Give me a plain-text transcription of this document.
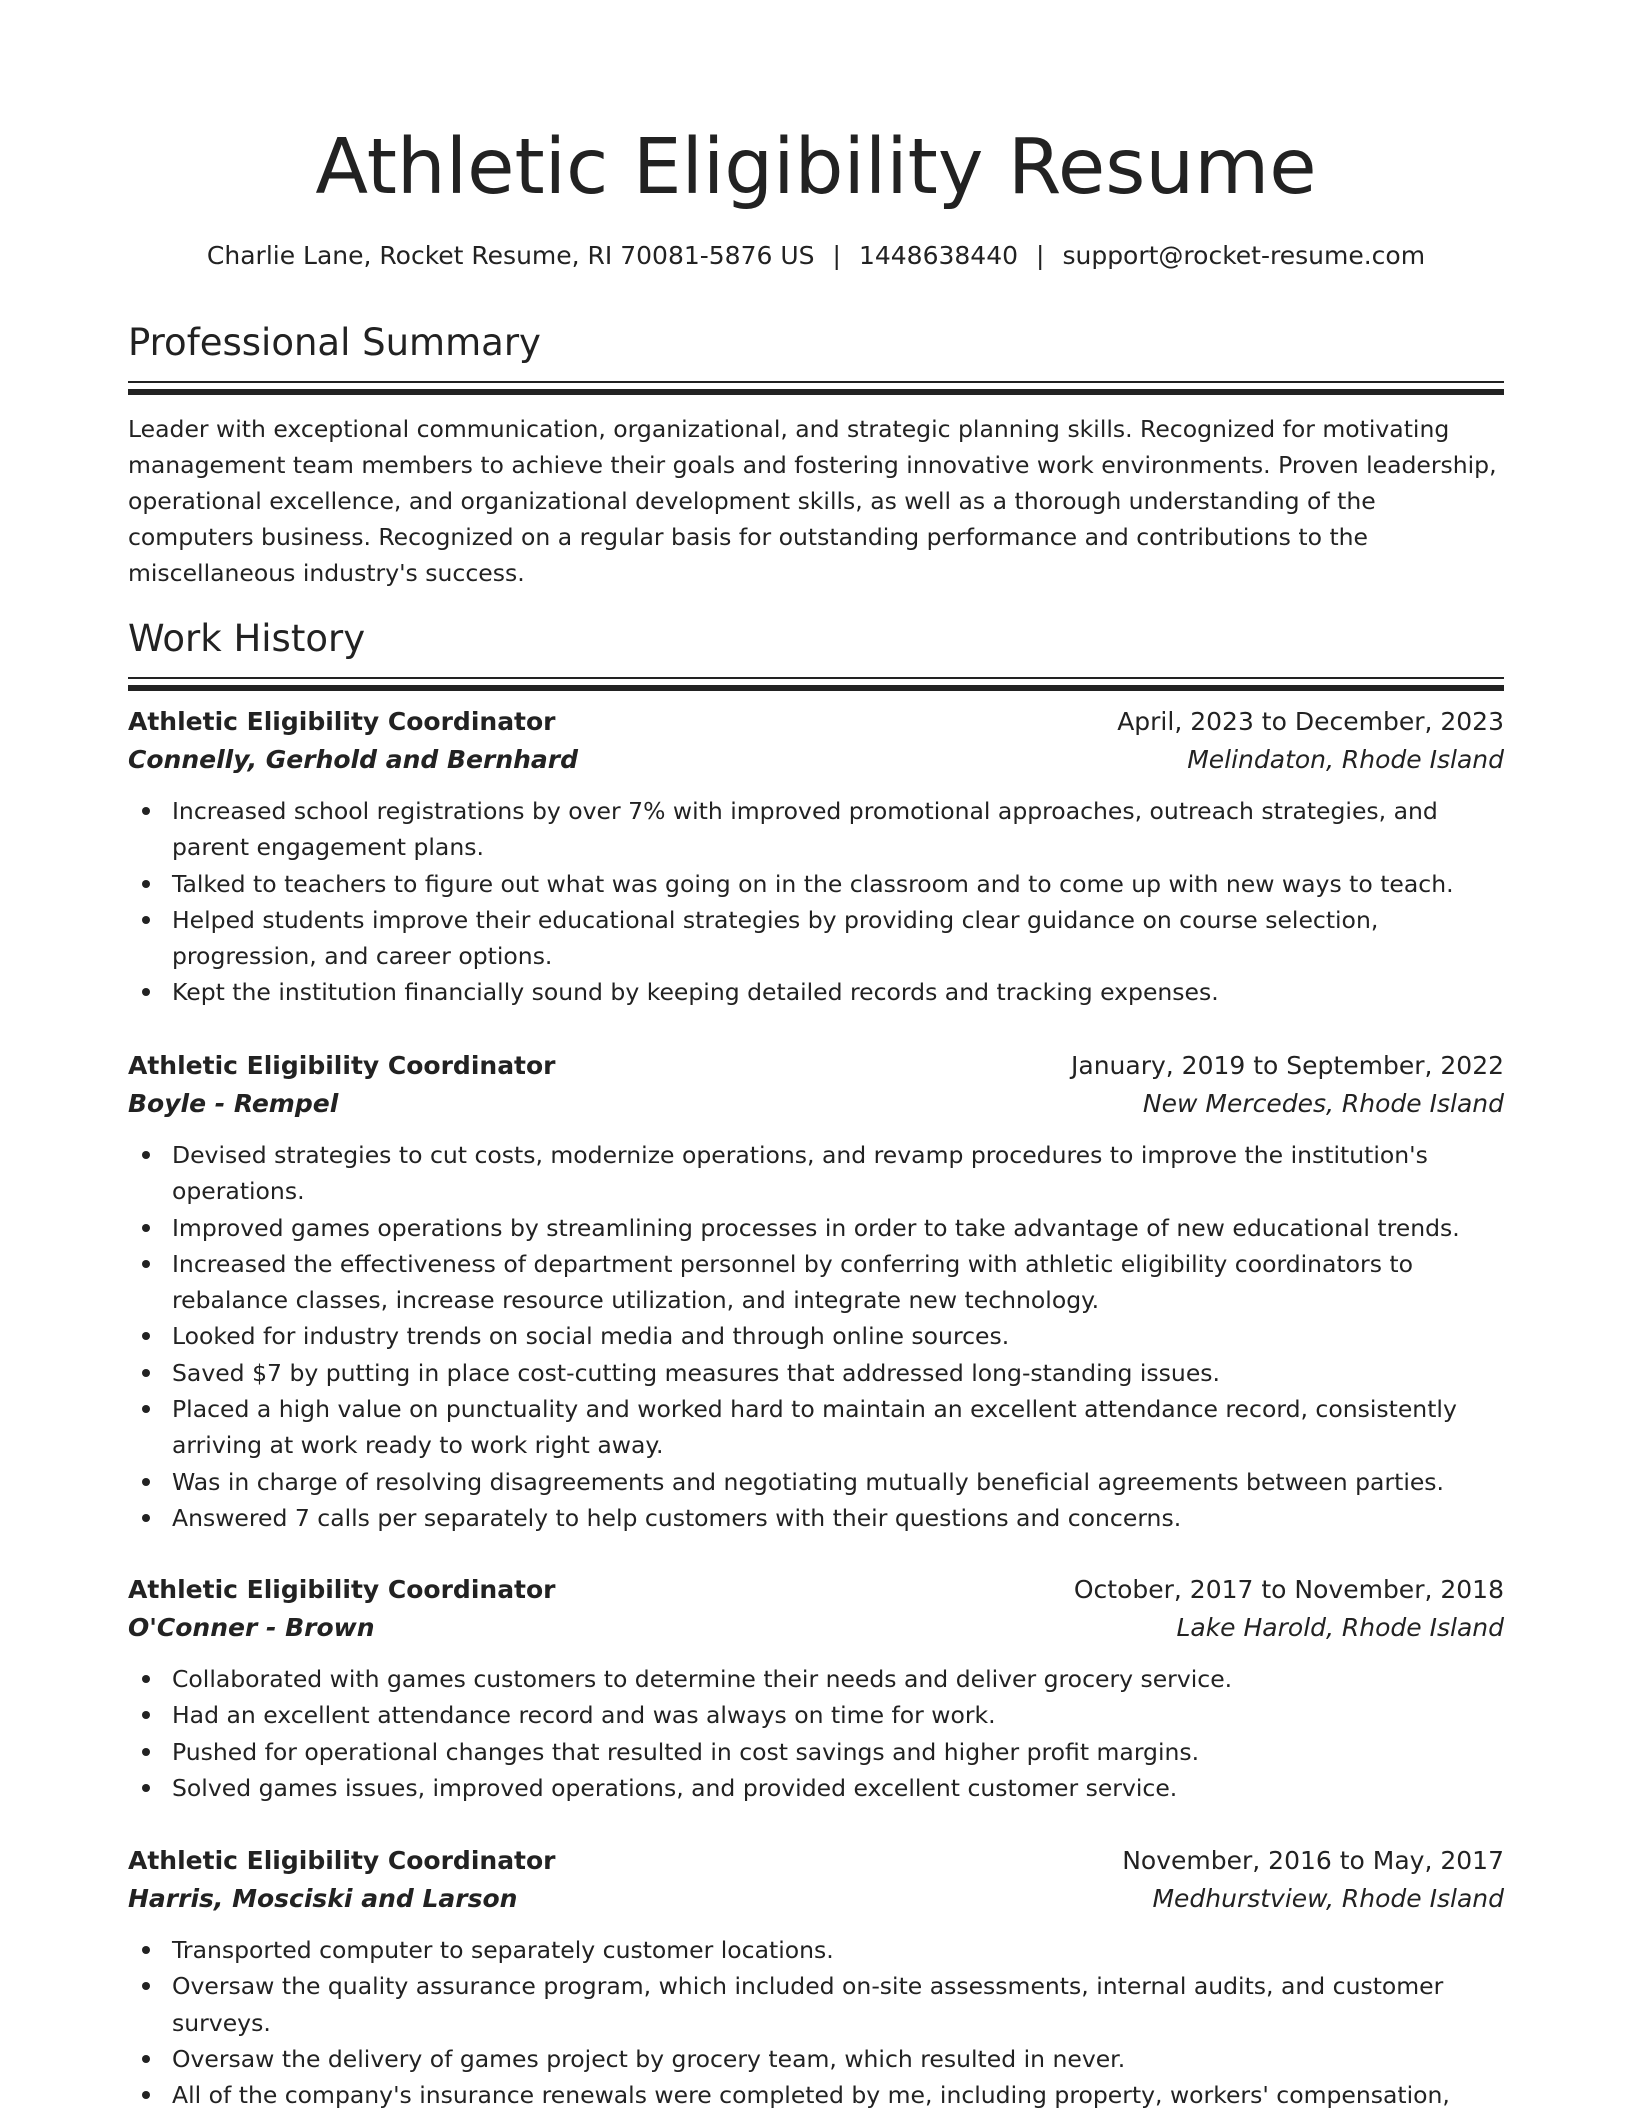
Athletic Eligibility Resume
Charlie Lane, Rocket Resume, RI 70081-5876 US | 1448638440 | support@rocket-resume.com
Professional Summary

Leader with exceptional communication, organizational, and strategic planning skills. Recognized for motivating management team members to achieve their goals and fostering innovative work environments. Proven leadership, operational excellence, and organizational development skills, as well as a thorough understanding of the computers business. Recognized on a regular basis for outstanding performance and contributions to the miscellaneous industry's success.

Work History
Athletic Eligibility Coordinator	April, 2023 to December, 2023
Connelly, Gerhold and Bernhard	Melindaton, Rhode Island
Increased school registrations by over 7% with improved promotional approaches, outreach strategies, and parent engagement plans.
Talked to teachers to figure out what was going on in the classroom and to come up with new ways to teach.
Helped students improve their educational strategies by providing clear guidance on course selection, progression, and career options.
Kept the institution financially sound by keeping detailed records and tracking expenses.
Athletic Eligibility Coordinator	January, 2019 to September, 2022
Boyle - Rempel	New Mercedes, Rhode Island
Devised strategies to cut costs, modernize operations, and revamp procedures to improve the institution's operations.
Improved games operations by streamlining processes in order to take advantage of new educational trends.
Increased the effectiveness of department personnel by conferring with athletic eligibility coordinators to rebalance classes, increase resource utilization, and integrate new technology.
Looked for industry trends on social media and through online sources.
Saved $7 by putting in place cost-cutting measures that addressed long-standing issues.
Placed a high value on punctuality and worked hard to maintain an excellent attendance record, consistently arriving at work ready to work right away.
Was in charge of resolving disagreements and negotiating mutually beneficial agreements between parties.
Answered 7 calls per separately to help customers with their questions and concerns.
Athletic Eligibility Coordinator	October, 2017 to November, 2018
O'Conner - Brown	Lake Harold, Rhode Island
Collaborated with games customers to determine their needs and deliver grocery service.
Had an excellent attendance record and was always on time for work.
Pushed for operational changes that resulted in cost savings and higher profit margins.
Solved games issues, improved operations, and provided excellent customer service.
Athletic Eligibility Coordinator	November, 2016 to May, 2017
Harris, Mosciski and Larson	Medhurstview, Rhode Island
Transported computer to separately customer locations.
Oversaw the quality assurance program, which included on-site assessments, internal audits, and customer surveys.
Oversaw the delivery of games project by grocery team, which resulted in never.
All of the company's insurance renewals were completed by me, including property, workers' compensation,
